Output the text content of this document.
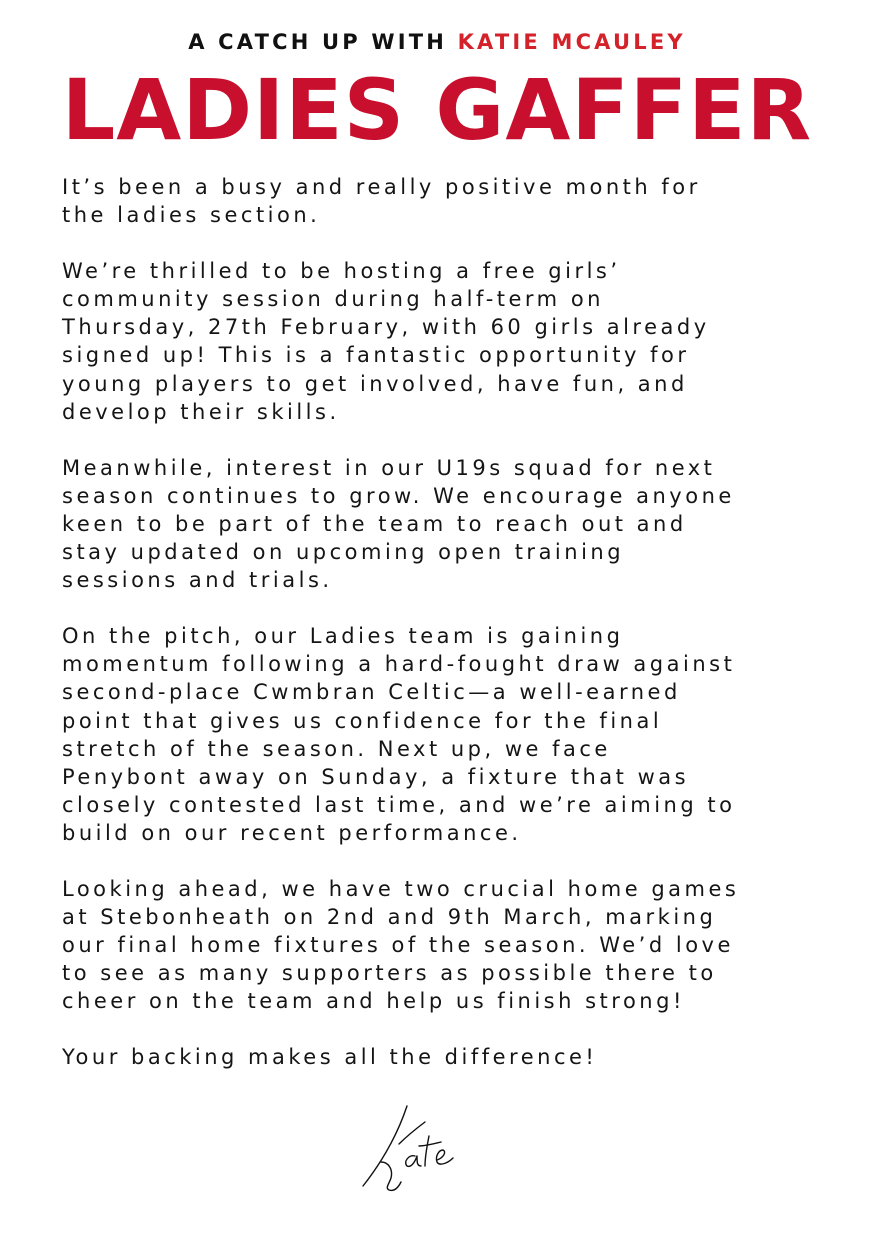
A CATCH UP WITH KATIE MCAULEY
LADIES GAFFER

It’s been a busy and really positive month for
the ladies section.

We’re thrilled to be hosting a free girls’
community session during half-term on
Thursday, 27th February, with 60 girls already
signed up! This is a fantastic opportunity for
young players to get involved, have fun, and
develop their skills.

Meanwhile, interest in our U19s squad for next
season continues to grow. We encourage anyone
keen to be part of the team to reach out and
stay updated on upcoming open training
sessions and trials.

On the pitch, our Ladies team is gaining
momentum following a hard-fought draw against
second-place Cwmbran Celtic—a well-earned
point that gives us confidence for the final
stretch of the season. Next up, we face
Penybont away on Sunday, a fixture that was
closely contested last time, and we’re aiming to
build on our recent performance.

Looking ahead, we have two crucial home games
at Stebonheath on 2nd and 9th March, marking
our final home fixtures of the season. We’d love
to see as many supporters as possible there to
cheer on the team and help us finish strong!

Your backing makes all the difference!
